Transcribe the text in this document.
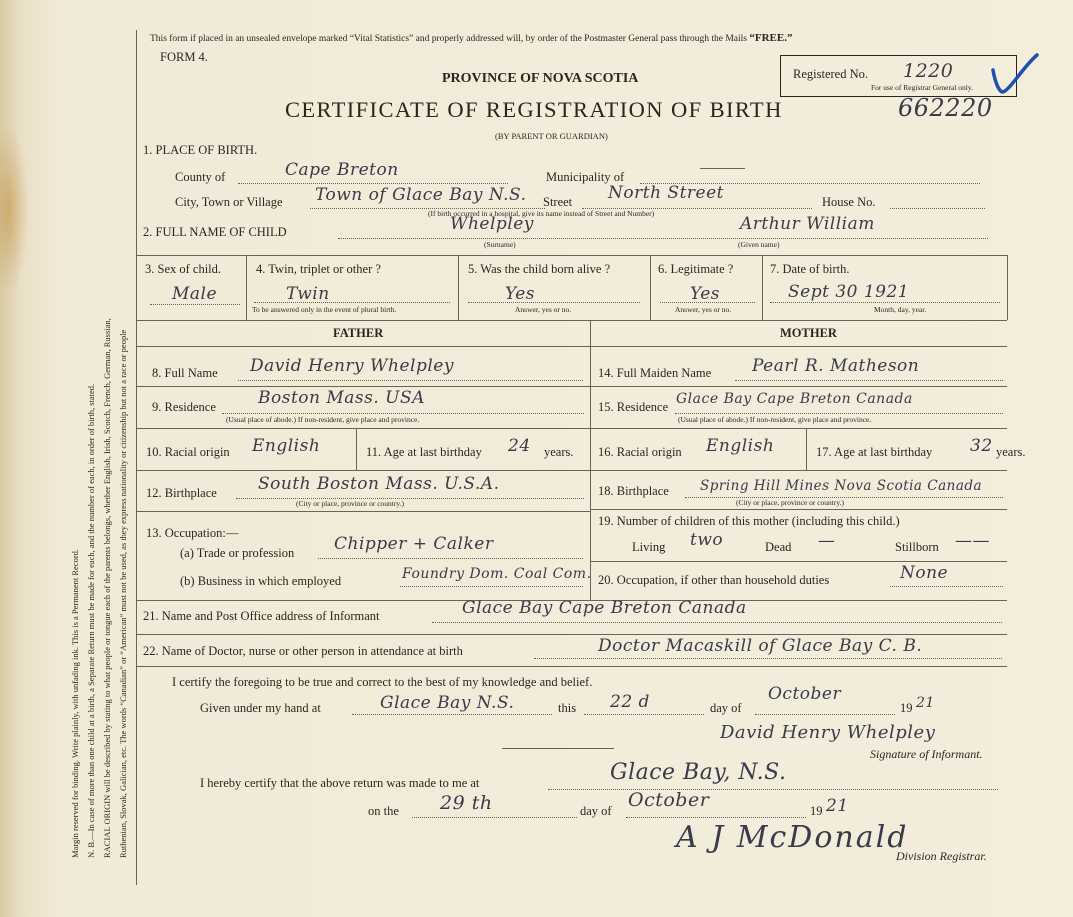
Margin reserved for binding. Write plainly, with unfading ink. This is a Permanent Record. N. B.—In case of more than one child at a birth, a Separate Return must be made for each, and the number of each, in order of birth, stated. RACIAL ORIGIN will be described by stating to what people or tongue each of the parents belongs, whether English, Irish, Scotch, French, German, Russian, Ruthenian, Slovak, Galician, etc. The words “Canadian” or “American” must not be used, as they express nationality or citizenship but not a race or people
This form if placed in an unsealed envelope marked “Vital Statistics” and properly addressed will, by order of the Postmaster General pass through the Mails “FREE.”
FORM 4.
PROVINCE OF NOVA SCOTIA
CERTIFICATE OF REGISTRATION OF BIRTH	662220
(BY PARENT OR GUARDIAN)
Registered No. 1220
For use of Registrar General only.
1. PLACE OF BIRTH.
County of	Cape Breton	Municipality of
City, Town or Village Town of Glace Bay N.S. Street North Street	House No.
(If birth occurred in a hospital, give its name instead of Street and Number)
2. FULL NAME OF CHILD	Whelpley
(Surname)
Arthur William
(Given name)
3. Sex of child.
Male
4. Twin, triplet or other ?
Twin
To be answered only in the event of plural birth.
5. Was the child born alive ?
Yes
Answer, yes or no.
6. Legitimate ?
Yes
Answer, yes or no.
7. Date of birth.
Sept 30 1921
Month, day, year.
FATHER	MOTHER
8. Full Name David Henry Whelpley
9. Residence Boston Mass. USA
(Usual place of abode.) If non-resident, give place and province.
10. Racial origin English	11. Age at last birthday 24 years.
12. Birthplace South Boston Mass. U.S.A.
(City or place, province or country.)
13. Occupation:—
(a) Trade or profession Chipper + Calker
(b) Business in which employed	Foundry Dom. Coal Com.
14. Full Maiden Name Pearl R. Matheson
15. Residence Glace Bay Cape Breton Canada
(Usual place of abode.) If non-resident, give place and province.
16. Racial origin English	17. Age at last birthday 32 years.
18. Birthplace Spring Hill Mines Nova Scotia Canada
(City or place, province or country.)
19. Number of children of this mother (including this child.)
Living two	Dead —	Stillborn ——
20. Occupation, if other than household duties	None
21. Name and Post Office address of Informant	Glace Bay Cape Breton Canada
22. Name of Doctor, nurse or other person in attendance at birth	Doctor Macaskill of Glace Bay C. B.
I certify the foregoing to be true and correct to the best of my knowledge and belief.
Given under my hand at	Glace Bay N.S.	this 22 d	day of
October
19 21
David Henry Whelpley
Signature of Informant.
I hereby certify that the above return was made to me at	Glace Bay, N.S.
on the 29 th	day of October	19 21
A J McDonald
Division Registrar.
